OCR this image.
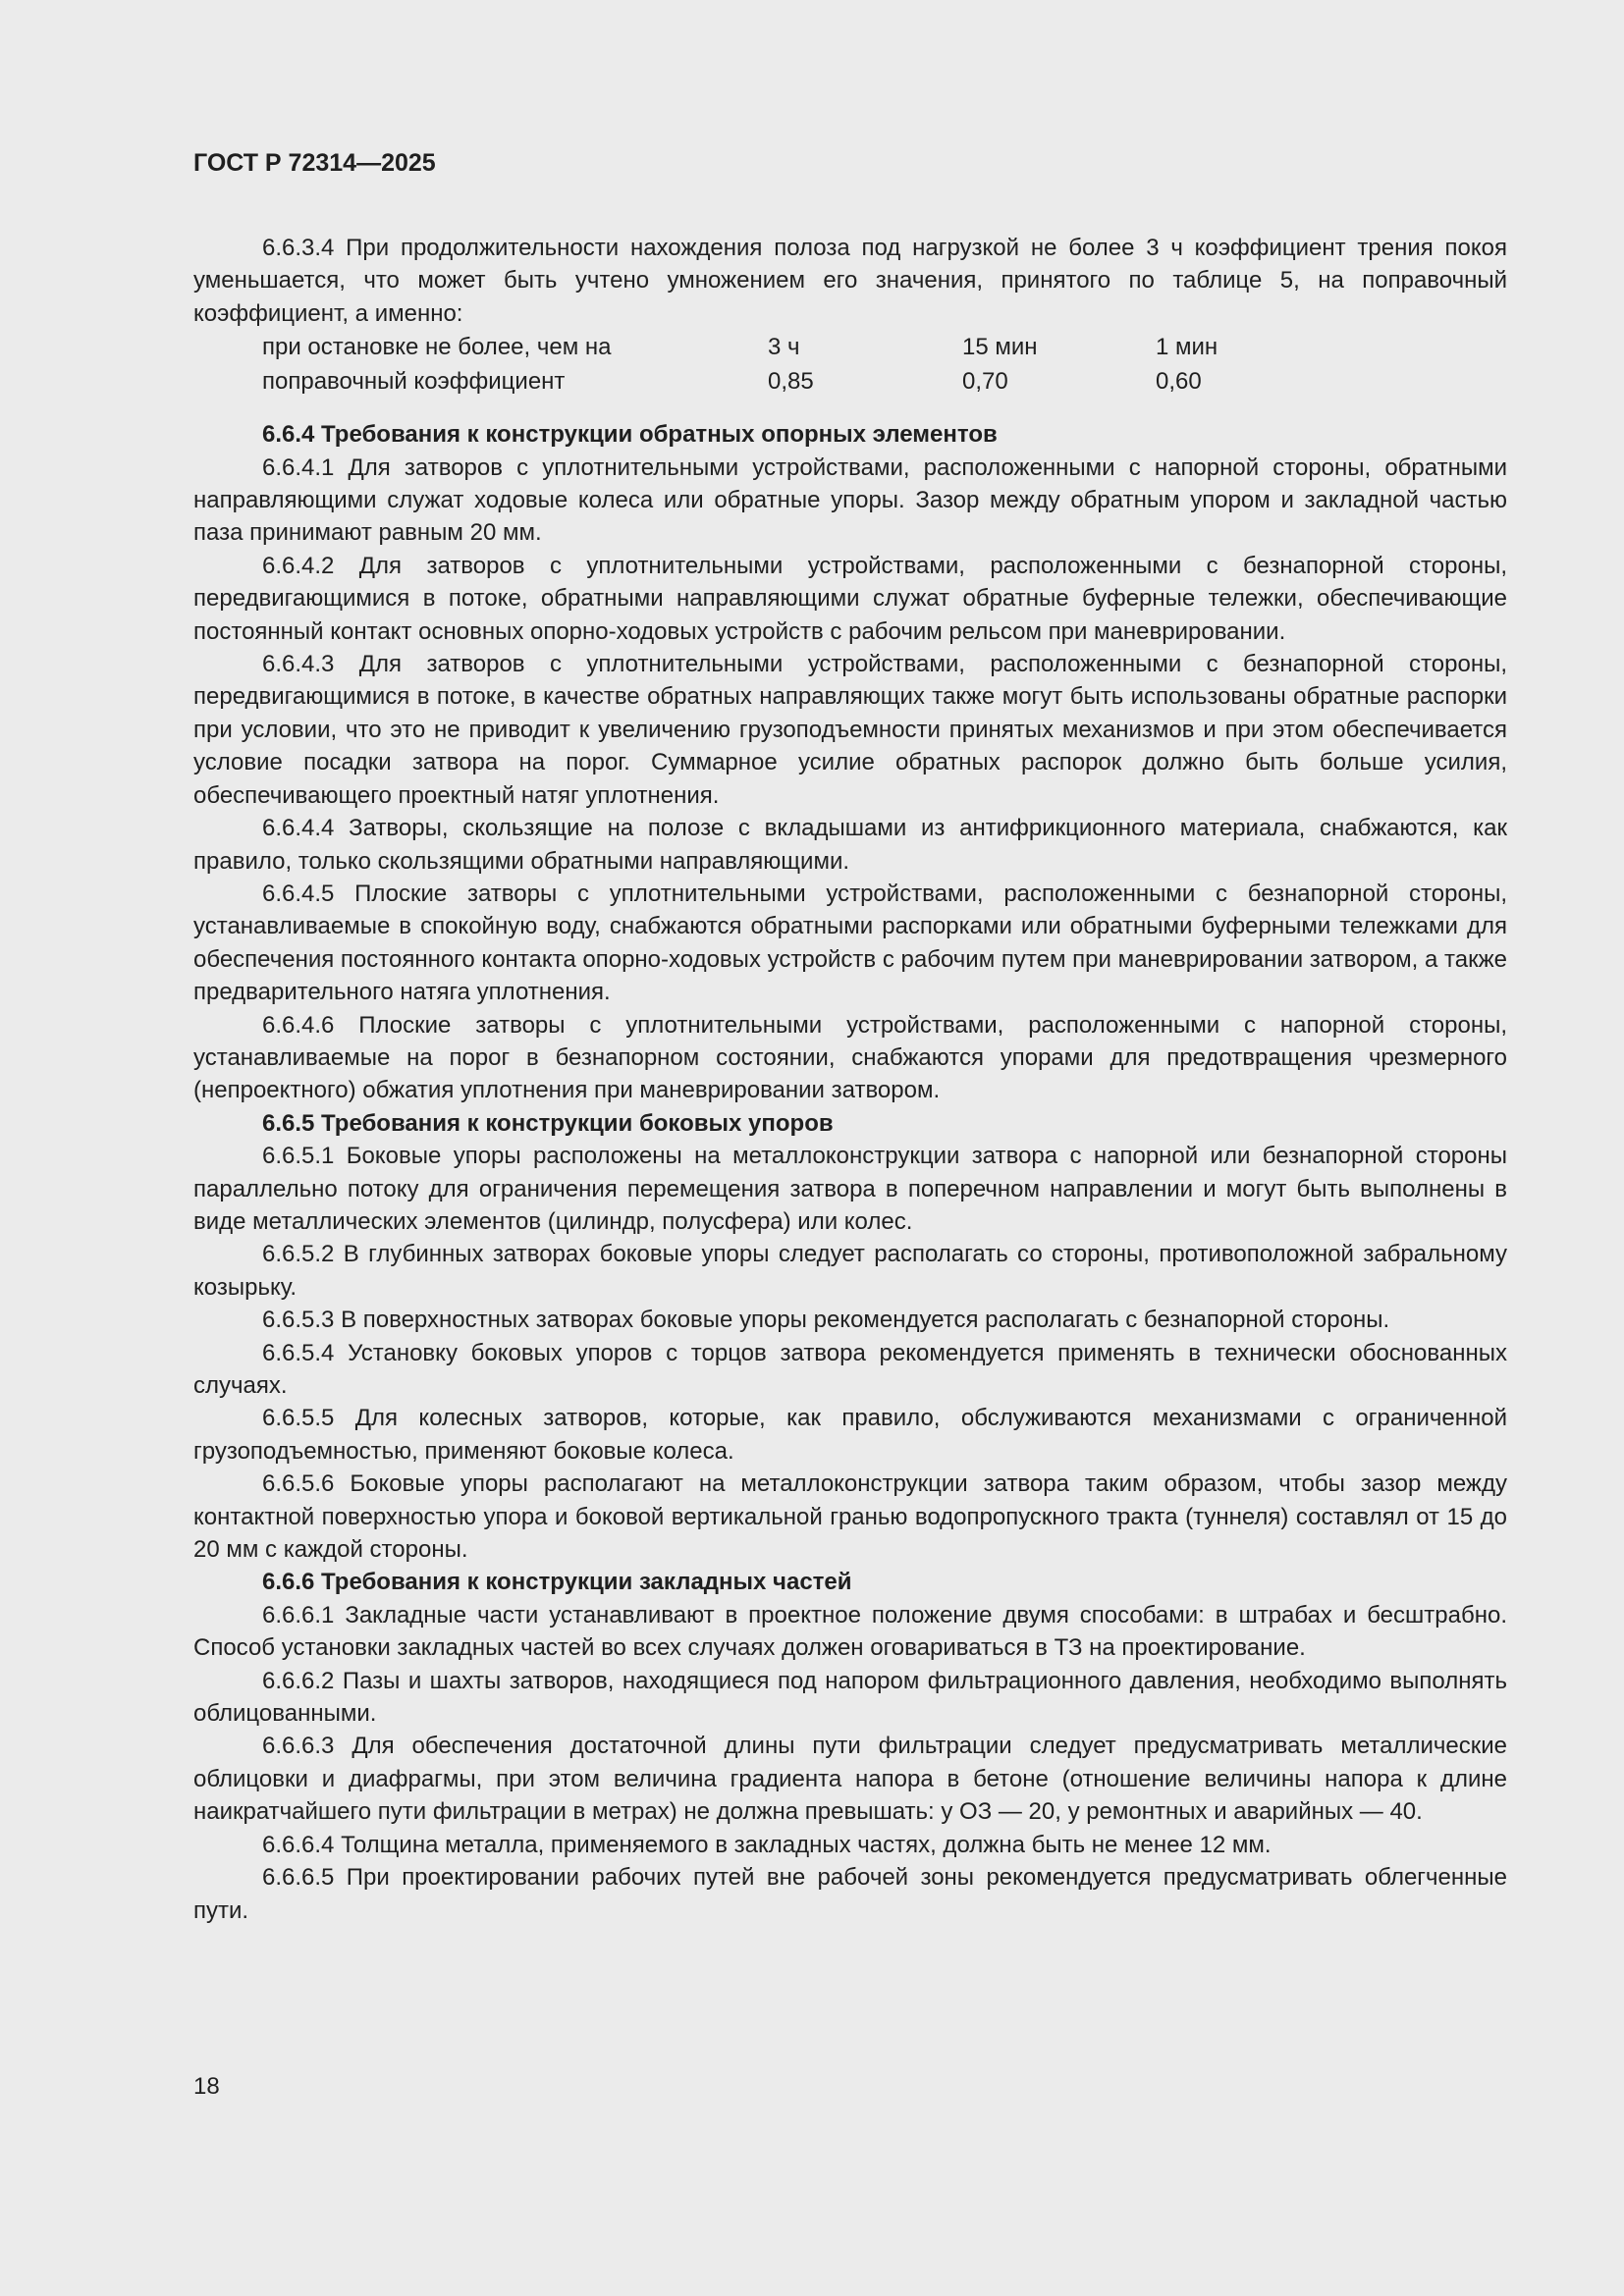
ГОСТ Р 72314—2025

6.6.3.4 При продолжительности нахождения полоза под нагрузкой не более 3 ч коэффициент трения покоя уменьшается, что может быть учтено умножением его значения, принятого по таблице 5, на поправочный коэффициент, а именно:

при остановке не более, чем на	3 ч	15 мин	1 мин
поправочный коэффициент	0,85	0,70	0,60
6.6.4 Требования к конструкции обратных опорных элементов

6.6.4.1 Для затворов с уплотнительными устройствами, расположенными с напорной стороны, обратными направляющими служат ходовые колеса или обратные упоры. Зазор между обратным упором и закладной частью паза принимают равным 20 мм.

6.6.4.2 Для затворов с уплотнительными устройствами, расположенными с безнапорной стороны, передвигающимися в потоке, обратными направляющими служат обратные буферные тележки, обеспечивающие постоянный контакт основных опорно-ходовых устройств с рабочим рельсом при маневрировании.

6.6.4.3 Для затворов с уплотнительными устройствами, расположенными с безнапорной стороны, передвигающимися в потоке, в качестве обратных направляющих также могут быть использованы обратные распорки при условии, что это не приводит к увеличению грузоподъемности принятых механизмов и при этом обеспечивается условие посадки затвора на порог. Суммарное усилие обратных распорок должно быть больше усилия, обеспечивающего проектный натяг уплотнения.

6.6.4.4 Затворы, скользящие на полозе с вкладышами из антифрикционного материала, снабжаются, как правило, только скользящими обратными направляющими.

6.6.4.5 Плоские затворы с уплотнительными устройствами, расположенными с безнапорной стороны, устанавливаемые в спокойную воду, снабжаются обратными распорками или обратными буферными тележками для обеспечения постоянного контакта опорно-ходовых устройств с рабочим путем при маневрировании затвором, а также предварительного натяга уплотнения.

6.6.4.6 Плоские затворы с уплотнительными устройствами, расположенными с напорной стороны, устанавливаемые на порог в безнапорном состоянии, снабжаются упорами для предотвращения чрезмерного (непроектного) обжатия уплотнения при маневрировании затвором.

6.6.5 Требования к конструкции боковых упоров

6.6.5.1 Боковые упоры расположены на металлоконструкции затвора с напорной или безнапорной стороны параллельно потоку для ограничения перемещения затвора в поперечном направлении и могут быть выполнены в виде металлических элементов (цилиндр, полусфера) или колес.

6.6.5.2 В глубинных затворах боковые упоры следует располагать со стороны, противоположной забральному козырьку.

6.6.5.3 В поверхностных затворах боковые упоры рекомендуется располагать с безнапорной стороны.

6.6.5.4 Установку боковых упоров с торцов затвора рекомендуется применять в технически обоснованных случаях.

6.6.5.5 Для колесных затворов, которые, как правило, обслуживаются механизмами с ограниченной грузоподъемностью, применяют боковые колеса.

6.6.5.6 Боковые упоры располагают на металлоконструкции затвора таким образом, чтобы зазор между контактной поверхностью упора и боковой вертикальной гранью водопропускного тракта (туннеля) составлял от 15 до 20 мм с каждой стороны.

6.6.6 Требования к конструкции закладных частей

6.6.6.1 Закладные части устанавливают в проектное положение двумя способами: в штрабах и бесштрабно. Способ установки закладных частей во всех случаях должен оговариваться в ТЗ на проектирование.

6.6.6.2 Пазы и шахты затворов, находящиеся под напором фильтрационного давления, необходимо выполнять облицованными.

6.6.6.3 Для обеспечения достаточной длины пути фильтрации следует предусматривать металлические облицовки и диафрагмы, при этом величина градиента напора в бетоне (отношение величины напора к длине наикратчайшего пути фильтрации в метрах) не должна превышать: у ОЗ — 20, у ремонтных и аварийных — 40.

6.6.6.4 Толщина металла, применяемого в закладных частях, должна быть не менее 12 мм.

6.6.6.5 При проектировании рабочих путей вне рабочей зоны рекомендуется предусматривать облегченные пути.

18
